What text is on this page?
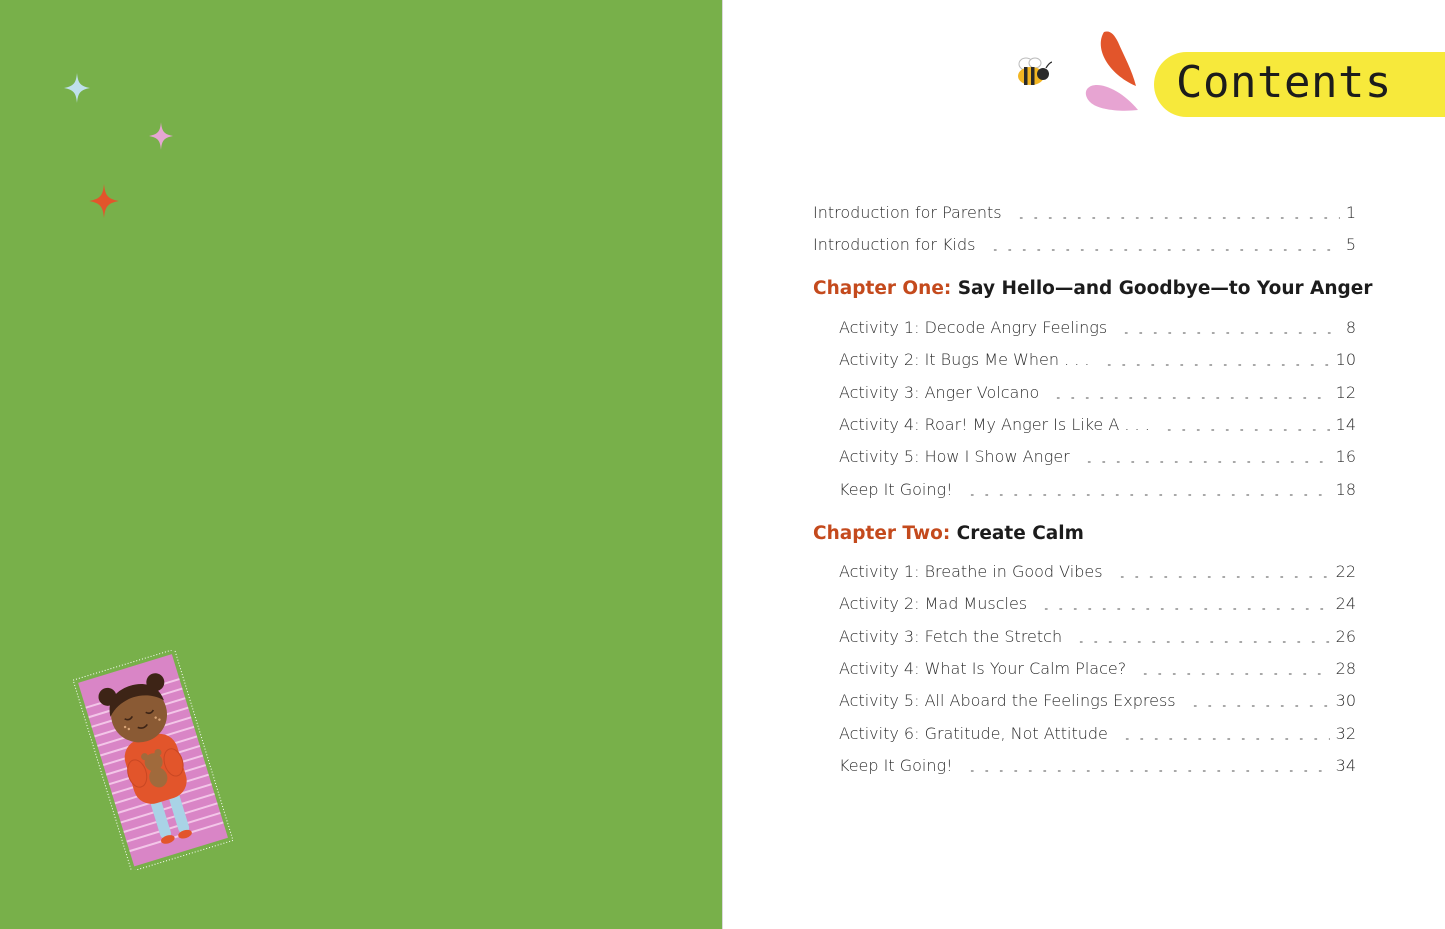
Contents
Introduction for Parents	1
Introduction for Kids	5
Chapter One: Say Hello—and Goodbye—to Your Anger
Activity 1: Decode Angry Feelings	8
Activity 2: It Bugs Me When . . .	10
Activity 3: Anger Volcano	12
Activity 4: Roar! My Anger Is Like A . . .	14
Activity 5: How I Show Anger	16
Keep It Going!	18
Chapter Two: Create Calm
Activity 1: Breathe in Good Vibes	22
Activity 2: Mad Muscles	24
Activity 3: Fetch the Stretch	26
Activity 4: What Is Your Calm Place?	28
Activity 5: All Aboard the Feelings Express	30
Activity 6: Gratitude, Not Attitude	32
Keep It Going!	34
